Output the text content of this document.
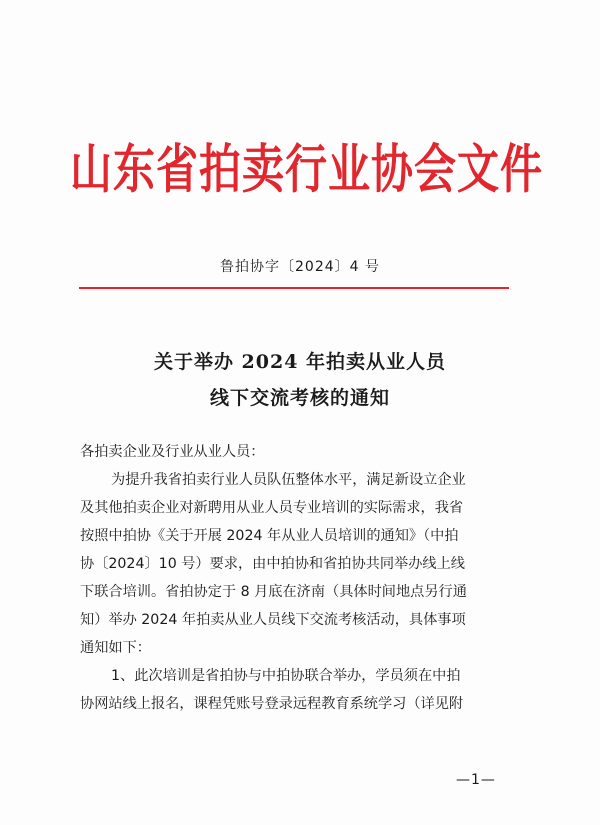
山东省拍卖行业协会文件
鲁拍协字〔2024〕4 号
关于举办 2024 年拍卖从业人员
线下交流考核的通知
各拍卖企业及行业从业人员：
为提升我省拍卖行业人员队伍整体水平，满足新设立企业
及其他拍卖企业对新聘用从业人员专业培训的实际需求，我省
按照中拍协《关于开展 2024 年从业人员培训的通知》（中拍
协〔2024〕10 号）要求，由中拍协和省拍协共同举办线上线
下联合培训。省拍协定于 8 月底在济南（具体时间地点另行通
知）举办 2024 年拍卖从业人员线下交流考核活动，具体事项
通知如下：
1、此次培训是省拍协与中拍协联合举办，学员须在中拍
协网站线上报名，课程凭账号登录远程教育系统学习（详见附
—1—
